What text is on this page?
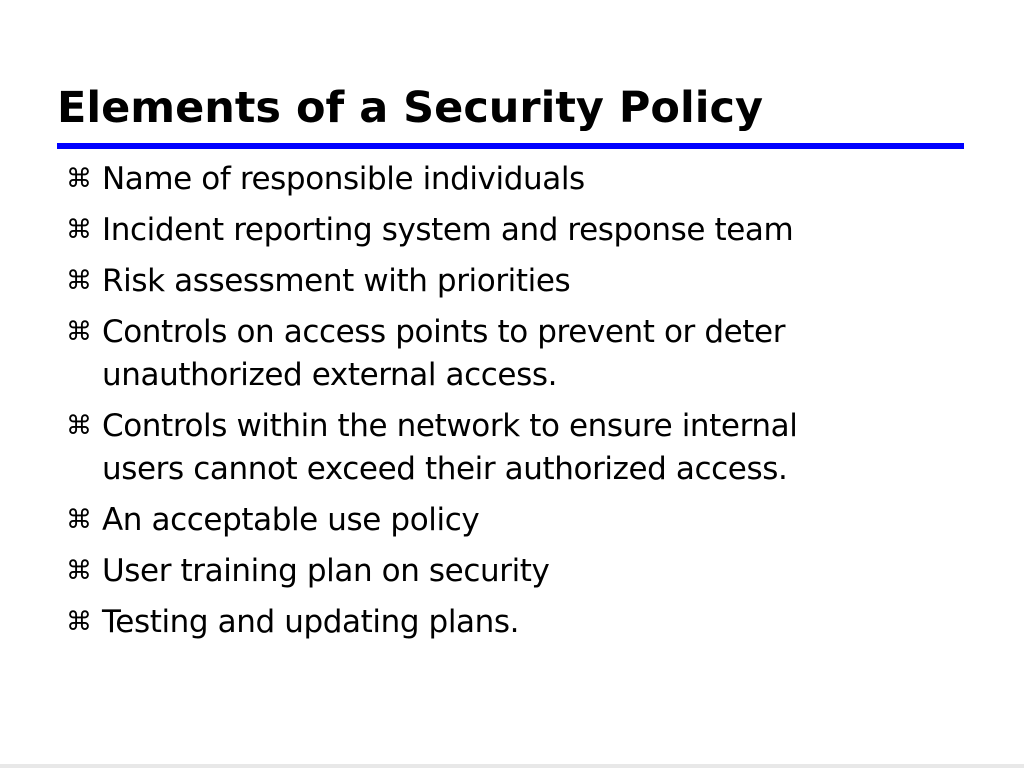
Elements of a Security Policy
⌘ Name of responsible individuals
⌘ Incident reporting system and response team
⌘ Risk assessment with priorities
⌘ Controls on access points to prevent or deter
unauthorized external access.
⌘ Controls within the network to ensure internal
users cannot exceed their authorized access.
⌘ An acceptable use policy
⌘ User training plan on security
⌘ Testing and updating plans.
